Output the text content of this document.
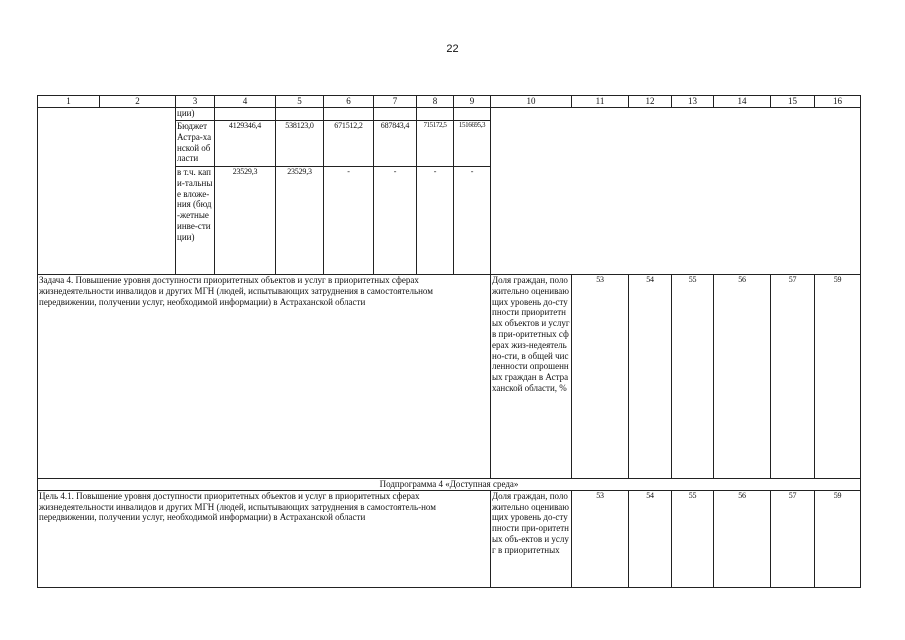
22
1	2	3	4	5	6	7	8	9	10	11	12	13	14	15	16
		ции)													
		Бюджет Астра-ханской области	4129346,4	538123,0	671512,2	687843,4	715172,5	1516695,3							
		в т.ч. капи-тальные вложе-ния (бюд-жетные инве-стиции)	23529,3	23529,3	-	-	-	-							
Задача 4. Повышение уровня доступности приоритетных объектов и услуг в приоритетных сферах жизнедеятельности инвалидов и других МГН (людей, испытывающих затруднения в самостоятельном передвижении, получении услуг, необходимой информации) в Астраханской области									Доля граждан, положительно оценивающих уровень до-ступности приоритетных объектов и услуг в при-оритетных сферах жиз-недеятельно-сти, в общей численности опрошенных граждан в Астраханской области, %	53	54	55	56	57	59
Подпрограмма 4 «Доступная среда»															
Цель 4.1. Повышение уровня доступности приоритетных объектов и услуг в приоритетных сферах жизнедеятельности инвалидов и других МГН (людей, испытывающих затруднения в самостоятель-ном передвижении, получении услуг, необходимой информации) в Астраханской области									Доля граждан, положительно оценивающих уровень до-ступности при-оритетных объ-ектов и услуг в приоритетных	53	54	55	56	57	59
